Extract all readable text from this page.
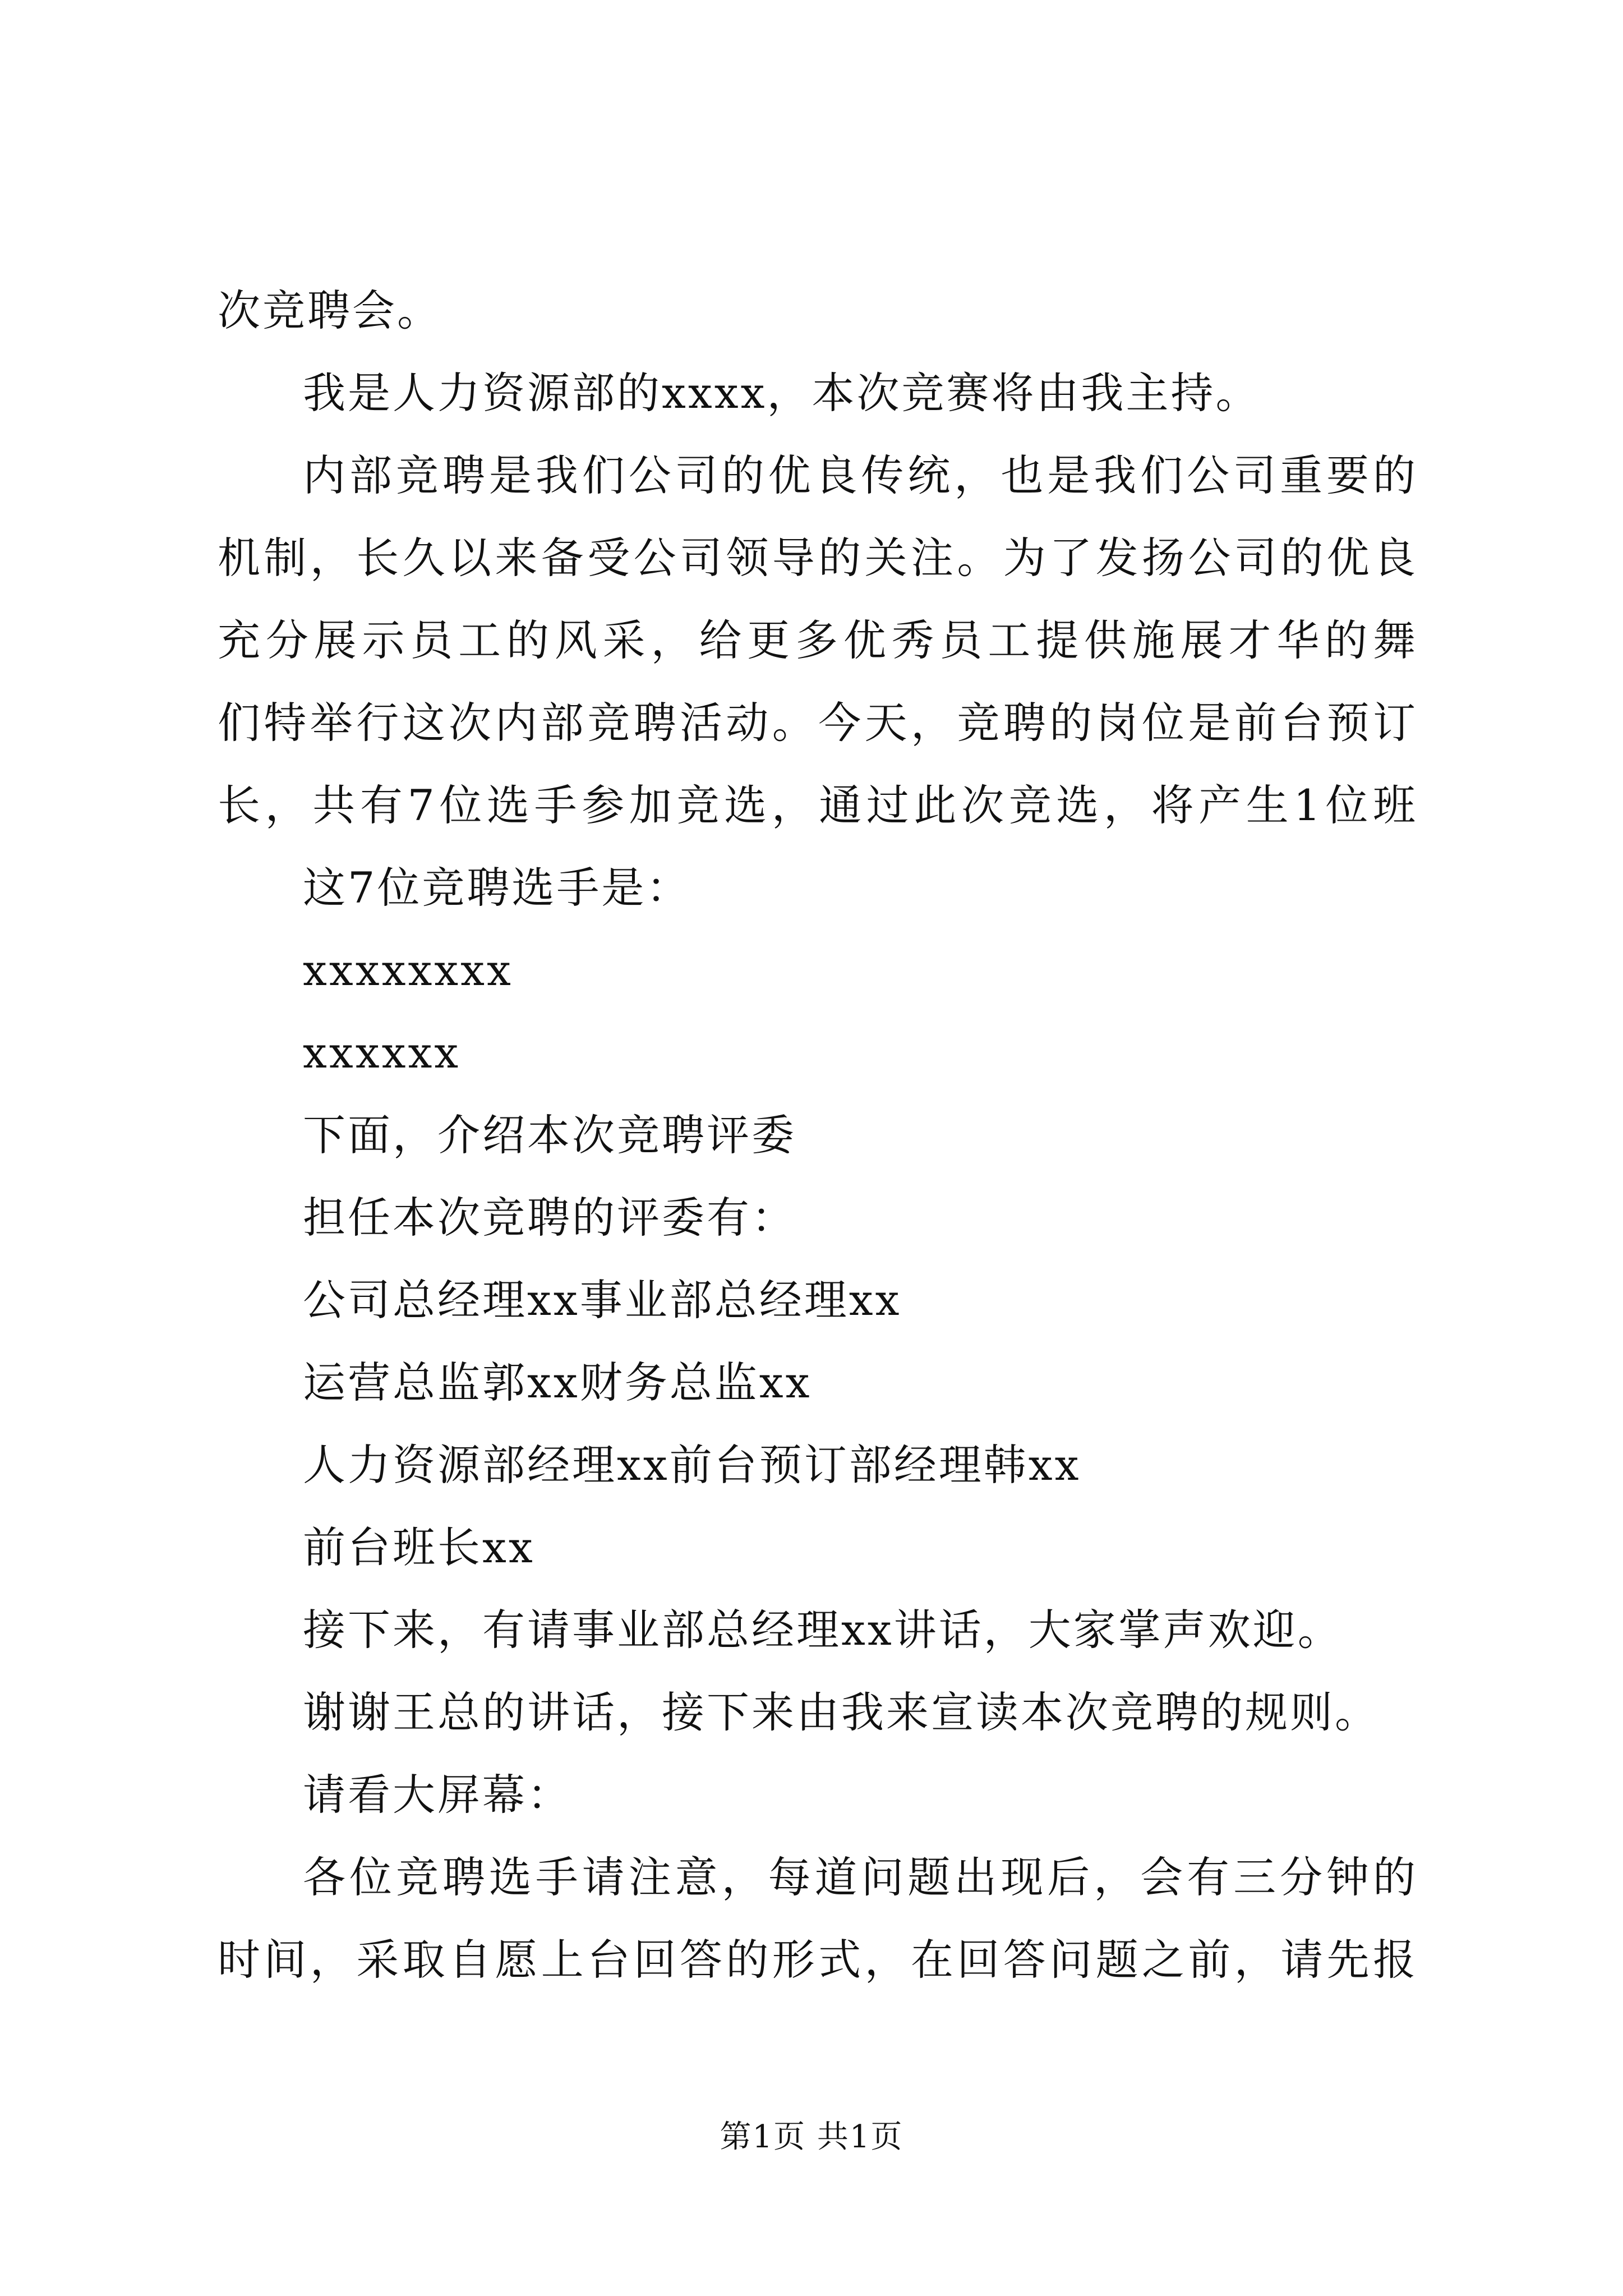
次竞聘会。

我是人力资源部的xxxx，本次竞赛将由我主持。

内部竞聘是我们公司的优良传统，也是我们公司重要的

机制，长久以来备受公司领导的关注。为了发扬公司的优良

充分展示员工的风采，给更多优秀员工提供施展才华的舞

们特举行这次内部竞聘活动。今天，竞聘的岗位是前台预订

长，共有7位选手参加竞选，通过此次竞选，将产生1位班

这7位竞聘选手是：

xxxxxxxx

xxxxxx

下面，介绍本次竞聘评委

担任本次竞聘的评委有：

公司总经理xx事业部总经理xx

运营总监郭xx财务总监xx

人力资源部经理xx前台预订部经理韩xx

前台班长xx

接下来，有请事业部总经理xx讲话，大家掌声欢迎。

谢谢王总的讲话，接下来由我来宣读本次竞聘的规则。

请看大屏幕：

各位竞聘选手请注意，每道问题出现后，会有三分钟的

时间，采取自愿上台回答的形式，在回答问题之前，请先报

第1页 共1页
